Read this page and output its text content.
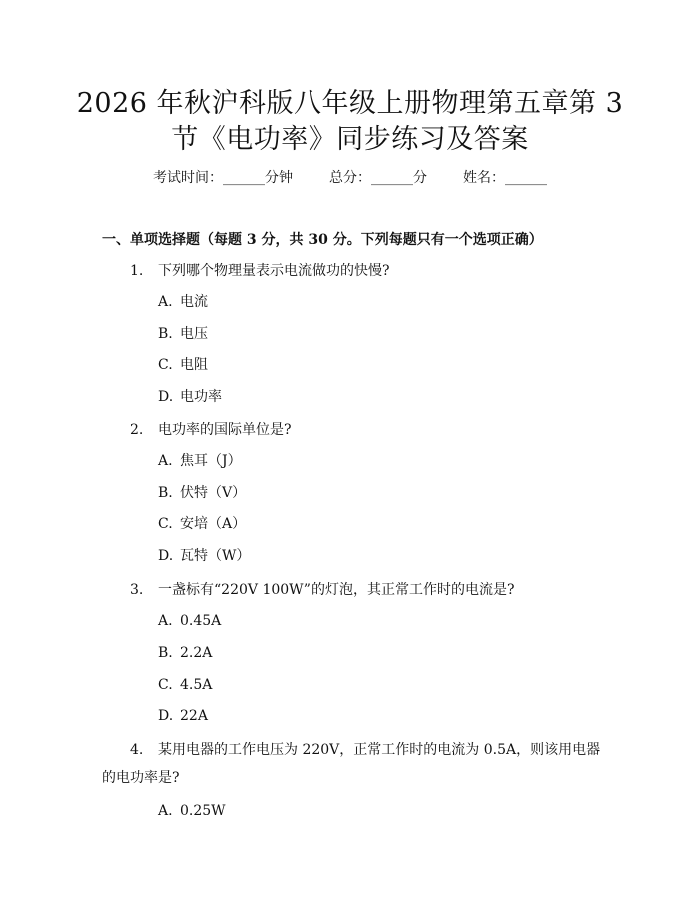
2026 年秋沪科版八年级上册物理第五章第 3
节《电功率》同步练习及答案
考试时间：______分钟	总分：______分	姓名：______
一、单项选择题（每题 3 分，共 30 分。下列每题只有一个选项正确）
1. 下列哪个物理量表示电流做功的快慢?
A. 电流
B. 电压
C. 电阻
D. 电功率
2. 电功率的国际单位是?
A. 焦耳（J）
B. 伏特（V）
C. 安培（A）
D. 瓦特（W）
3. 一盏标有“220V 100W”的灯泡，其正常工作时的电流是?
A. 0.45A
B. 2.2A
C. 4.5A
D. 22A
4. 某用电器的工作电压为 220V，正常工作时的电流为 0.5A，则该用电器的电功率是?
A. 0.25W
